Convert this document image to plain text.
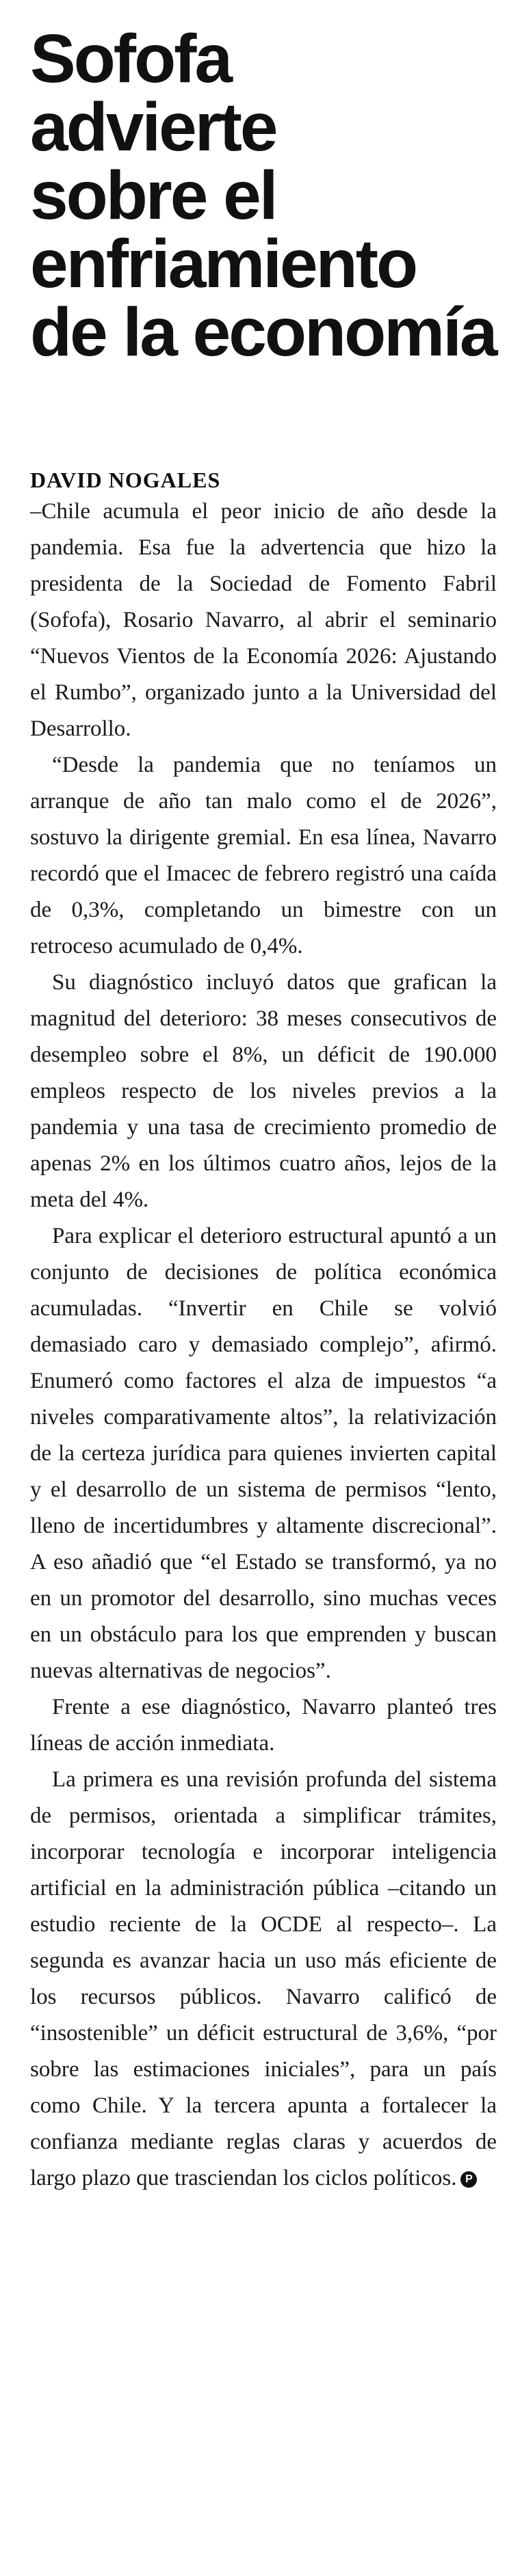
Sofofa
advierte
sobre el
enfriamiento
de la economía
DAVID NOGALES

–Chile acumula el peor inicio de año desde la pandemia. Esa fue la advertencia que hizo la presidenta de la Sociedad de Fomento Fabril (Sofofa), Rosario Navarro, al abrir el seminario “Nuevos Vientos de la Economía 2026: Ajustando el Rumbo”, organizado junto a la Universidad del Desarrollo.

“Desde la pandemia que no teníamos un arranque de año tan malo como el de 2026”, sostuvo la dirigente gremial. En esa línea, Navarro recordó que el Imacec de febrero registró una caída de 0,3%, completando un bimestre con un retroceso acumulado de 0,4%.

Su diagnóstico incluyó datos que grafican la magnitud del deterioro: 38 meses consecutivos de desempleo sobre el 8%, un déficit de 190.000 empleos respecto de los niveles previos a la pandemia y una tasa de crecimiento promedio de apenas 2% en los últimos cuatro años, lejos de la meta del 4%.

Para explicar el deterioro estructural apuntó a un conjunto de decisiones de política económica acumuladas. “Invertir en Chile se volvió demasiado caro y demasiado complejo”, afirmó. Enumeró como factores el alza de impuestos “a niveles comparativamente altos”, la relativización de la certeza jurídica para quienes invierten capital y el desarrollo de un sistema de permisos “lento, lleno de incertidumbres y altamente discrecional”. A eso añadió que “el Estado se transformó, ya no en un promotor del desarrollo, sino muchas veces en un obstáculo para los que emprenden y buscan nuevas alternativas de negocios”.

Frente a ese diagnóstico, Navarro planteó tres líneas de acción inmediata.

La primera es una revisión profunda del sistema de permisos, orientada a simplificar trámites, incorporar tecnología e incorporar inteligencia artificial en la administración pública –citando un estudio reciente de la OCDE al respecto–. La segunda es avanzar hacia un uso más eficiente de los recursos públicos. Navarro calificó de “insostenible” un déficit estructural de 3,6%, “por sobre las estimaciones iniciales”, para un país como Chile. Y la tercera apunta a fortalecer la confianza mediante reglas claras y acuerdos de largo plazo que trasciendan los ciclos políticos. P
